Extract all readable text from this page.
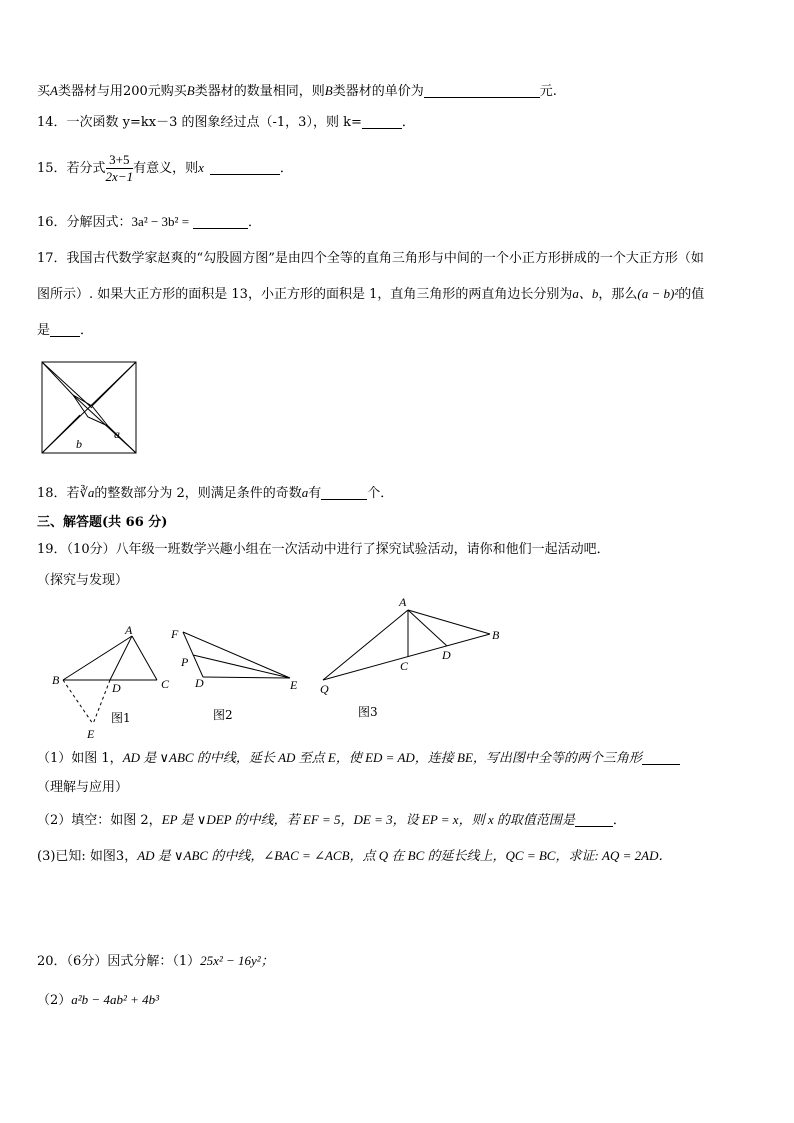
买A类器材与用200元购买B类器材的数量相同，则B类器材的单价为	元.
14．一次函数 y=kx－3 的图象经过点（-1，3），则 k=	．
15．若分式 $\frac{3+5}{2x-1}$ 有意义，则x	．
16．分解因式：3a² − 3b² =	．
17．我国古代数学家赵爽的“勾股圆方图”是由四个全等的直角三角形与中间的一个小正方形拼成的一个大正方形（如
图所示）. 如果大正方形的面积是 13，小正方形的面积是 1，直角三角形的两直角边长分别为a、b，那么(a − b)²的值
是 ．
b
a
18．若∛a的整数部分为 2，则满足条件的奇数a有	个．
三、解答题(共 66 分)
19．（10分）八年级一班数学兴趣小组在一次活动中进行了探究试验活动，请你和他们一起活动吧．
（探究与发现）
A
B	C
D
E
图1
F
P
D	E
图2
A
B
C
D
Q
图3
（1）如图 1，AD 是 ∨ABC 的中线，延长 AD 至点 E，使 ED = AD，连接 BE，写出图中全等的两个三角形
（理解与应用）
（2）填空：如图 2，EP 是 ∨DEP 的中线，若 EF = 5，DE = 3，设 EP = x，则 x 的取值范围是	．
(3)已知: 如图3，AD 是 ∨ABC 的中线，∠BAC = ∠ACB，点 Q 在 BC 的延长线上，QC = BC，求证: AQ = 2AD．
20．（6分）因式分解：（1）25x² − 16y²；
（2）a²b − 4ab² + 4b³
